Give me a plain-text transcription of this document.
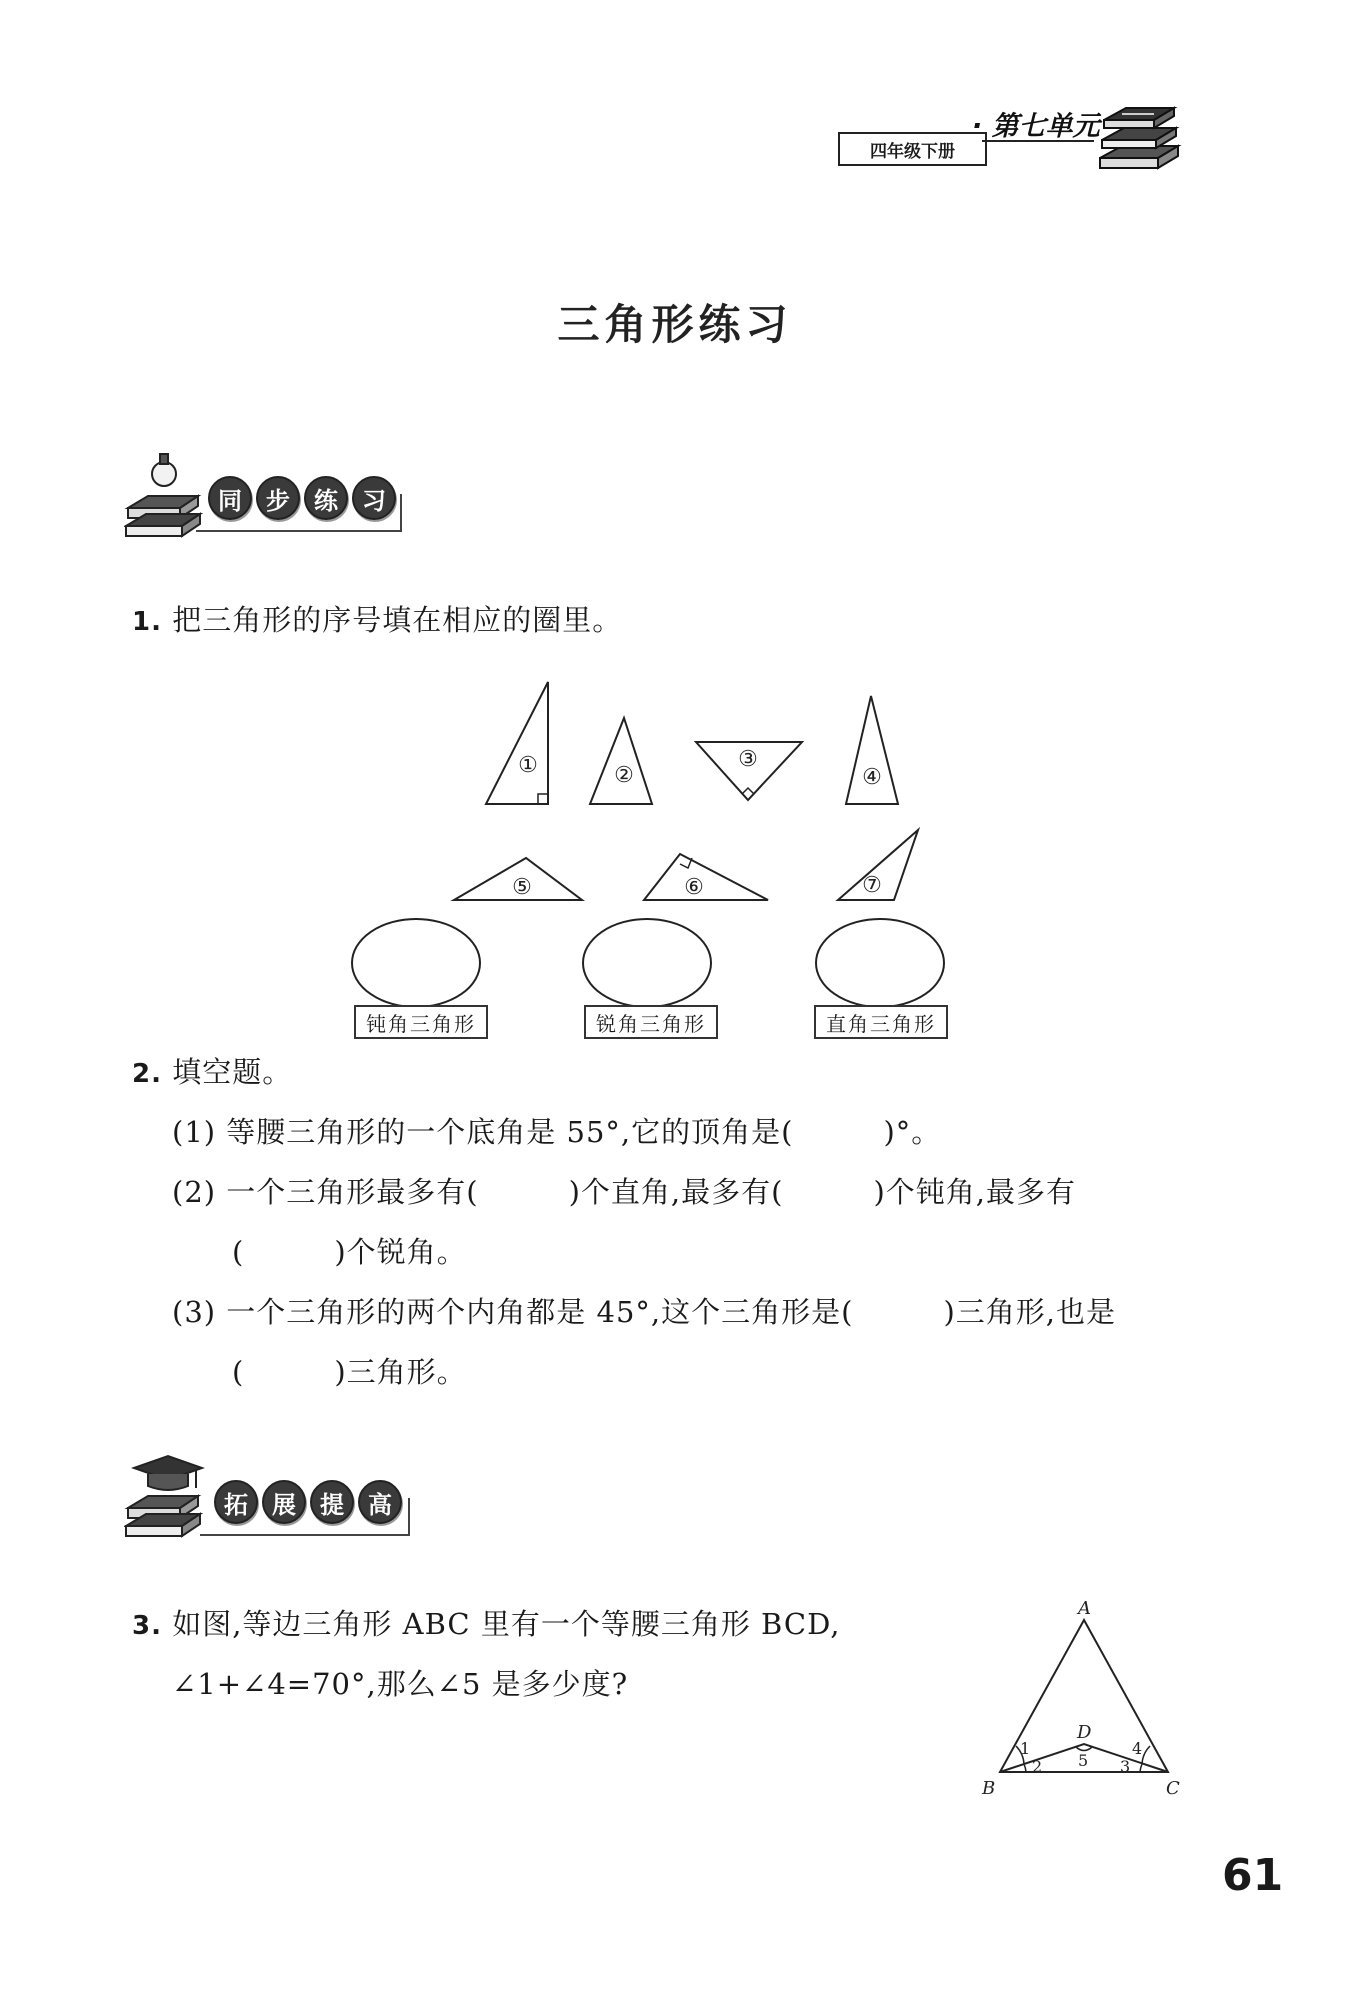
四年级下册
· 第七单元
三角形练习
同	步	练	习
1. 把三角形的序号填在相应的圈里。
①	②
③
④
⑤	⑥	⑦
钝角三角形	锐角三角形	直角三角形
2. 填空题。
(1) 等腰三角形的一个底角是 55°,它的顶角是(　　　)°。
(2) 一个三角形最多有(　　　)个直角,最多有(　　　)个钝角,最多有
(　　　)个锐角。
(3) 一个三角形的两个内角都是 45°,这个三角形是(　　　)三角形,也是
(　　　)三角形。
拓	展	提	高
3. 如图,等边三角形 ABC 里有一个等腰三角形 BCD,
∠1+∠4=70°,那么∠5 是多少度?
A
B	C
D
1
2 5 3
4
61
